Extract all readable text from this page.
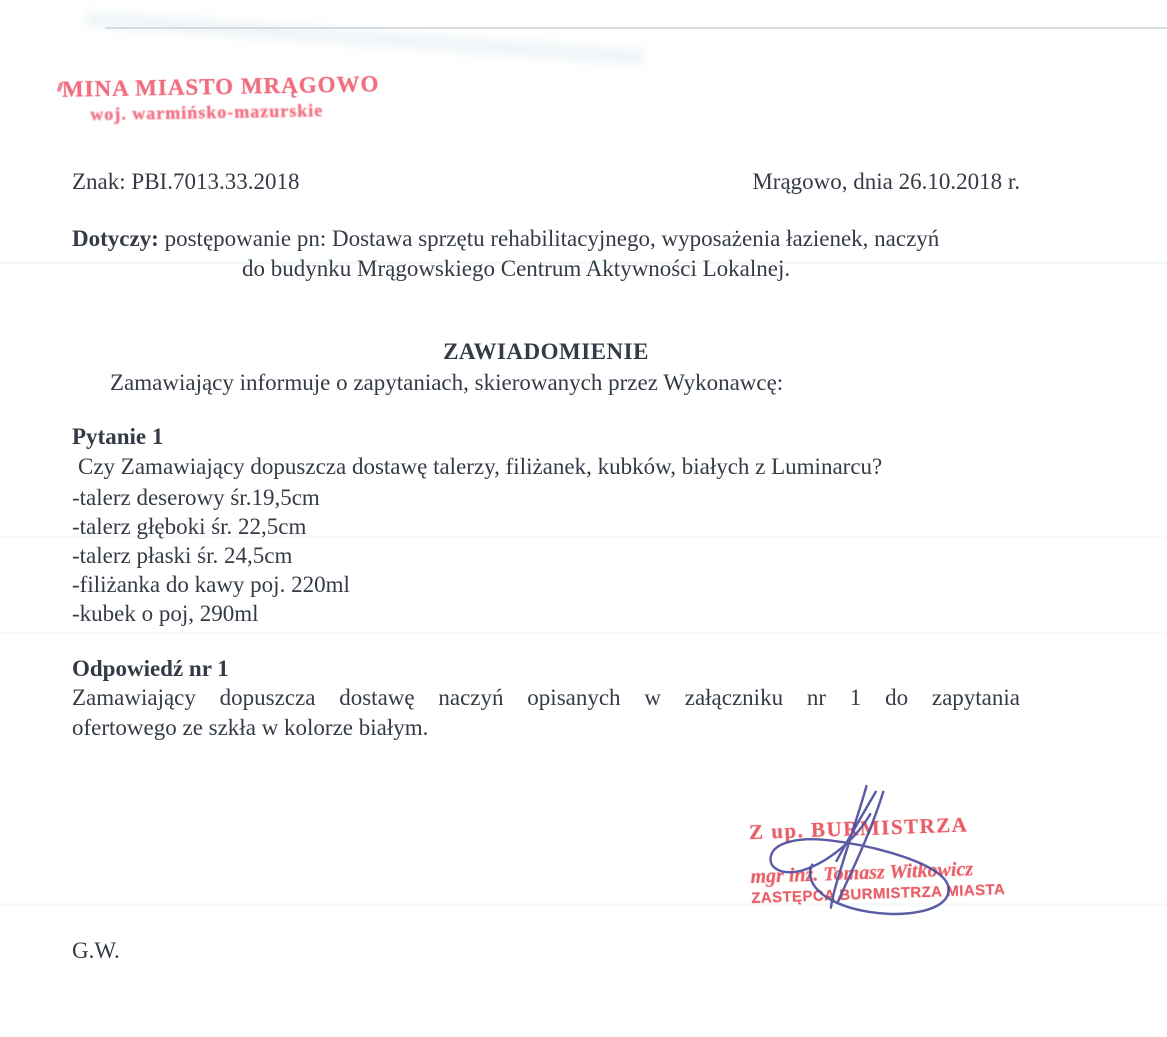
MINA MIASTO MRĄGOWO
woj. warmińsko-mazurskie
Znak: PBI.7013.33.2018	Mrągowo, dnia 26.10.2018 r.
Dotyczy: postępowanie pn: Dostawa sprzętu rehabilitacyjnego, wyposażenia łazienek, naczyń
do budynku Mrągowskiego Centrum Aktywności Lokalnej.
ZAWIADOMIENIE
Zamawiający informuje o zapytaniach, skierowanych przez Wykonawcę:
Pytanie 1
Czy Zamawiający dopuszcza dostawę talerzy, filiżanek, kubków, białych z Luminarcu?
-talerz deserowy śr.19,5cm
-talerz głęboki śr. 22,5cm
-talerz płaski śr. 24,5cm
-filiżanka do kawy poj. 220ml
-kubek o poj, 290ml
Odpowiedź nr 1
Zamawiający dopuszcza dostawę naczyń opisanych w załączniku nr 1 do zapytania
ofertowego ze szkła w kolorze białym.
Z up. BURMISTRZA
mgr inż. Tomasz Witkowicz
ZASTĘPCA BURMISTRZA MIASTA
G.W.
